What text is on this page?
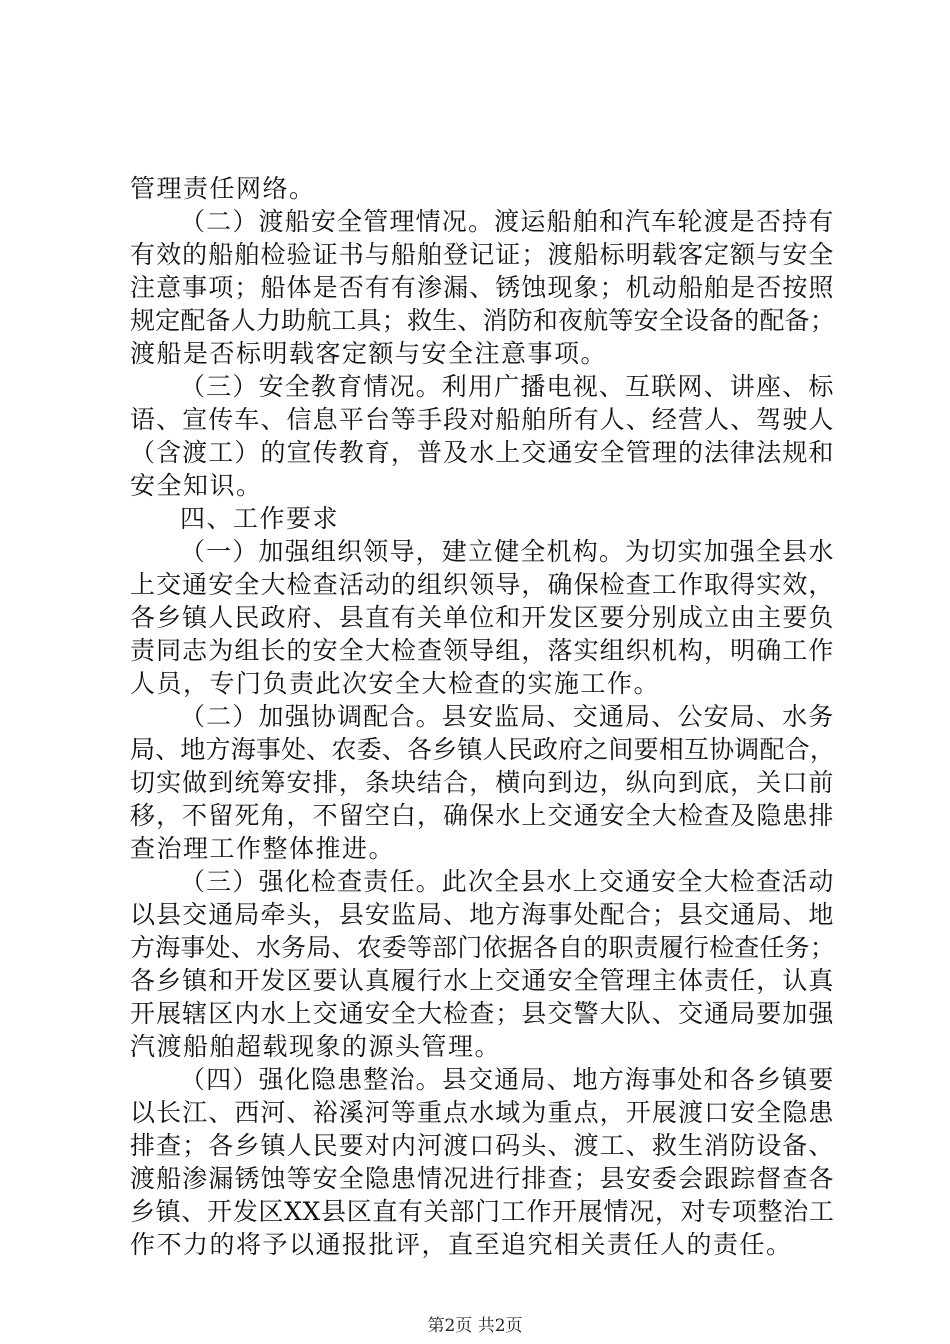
管理责任网络。
（二）渡船安全管理情况。渡运船舶和汽车轮渡是否持有
有效的船舶检验证书与船舶登记证；渡船标明载客定额与安全
注意事项；船体是否有有渗漏、锈蚀现象；机动船舶是否按照
规定配备人力助航工具；救生、消防和夜航等安全设备的配备；
渡船是否标明载客定额与安全注意事项。
（三）安全教育情况。利用广播电视、互联网、讲座、标
语、宣传车、信息平台等手段对船舶所有人、经营人、驾驶人
（含渡工）的宣传教育，普及水上交通安全管理的法律法规和
安全知识。
四、工作要求
（一）加强组织领导，建立健全机构。为切实加强全县水
上交通安全大检查活动的组织领导，确保检查工作取得实效，
各乡镇人民政府、县直有关单位和开发区要分别成立由主要负
责同志为组长的安全大检查领导组，落实组织机构，明确工作
人员，专门负责此次安全大检查的实施工作。
（二）加强协调配合。县安监局、交通局、公安局、水务
局、地方海事处、农委、各乡镇人民政府之间要相互协调配合，
切实做到统筹安排，条块结合，横向到边，纵向到底，关口前
移，不留死角，不留空白，确保水上交通安全大检查及隐患排
查治理工作整体推进。
（三）强化检查责任。此次全县水上交通安全大检查活动
以县交通局牵头，县安监局、地方海事处配合；县交通局、地
方海事处、水务局、农委等部门依据各自的职责履行检查任务；
各乡镇和开发区要认真履行水上交通安全管理主体责任，认真
开展辖区内水上交通安全大检查；县交警大队、交通局要加强
汽渡船舶超载现象的源头管理。
（四）强化隐患整治。县交通局、地方海事处和各乡镇要
以长江、西河、裕溪河等重点水域为重点，开展渡口安全隐患
排查；各乡镇人民要对内河渡口码头、渡工、救生消防设备、
渡船渗漏锈蚀等安全隐患情况进行排查；县安委会跟踪督查各
乡镇、开发区XX县区直有关部门工作开展情况，对专项整治工
作不力的将予以通报批评，直至追究相关责任人的责任。
第2页 共2页
